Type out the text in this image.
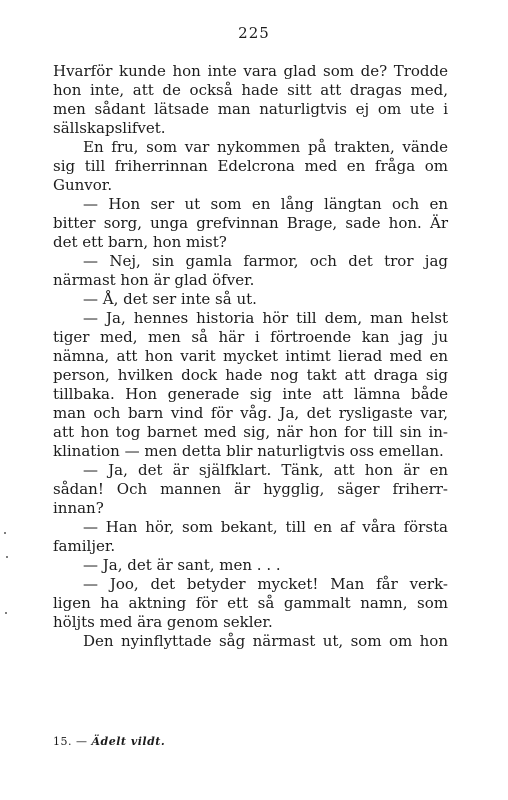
225
Hvarför kunde hon inte vara glad som de? Trodde
hon inte, att de också hade sitt att dragas med,
men sådant lätsade man naturligtvis ej om ute i
sällskapslifvet.
En fru, som var nykommen på trakten, vände
sig till friherrinnan Edelcrona med en fråga om
Gunvor.
— Hon ser ut som en lång längtan och en
bitter sorg, unga grefvinnan Brage, sade hon. Är
det ett barn, hon mist?
— Nej, sin gamla farmor, och det tror jag
närmast hon är glad öfver.
— Å, det ser inte så ut.
— Ja, hennes historia hör till dem, man helst
tiger med, men så här i förtroende kan jag ju
nämna, att hon varit mycket intimt lierad med en
person, hvilken dock hade nog takt att draga sig
tillbaka. Hon generade sig inte att lämna både
man och barn vind för våg. Ja, det rysligaste var,
att hon tog barnet med sig, när hon for till sin in-
klination — men detta blir naturligtvis oss emellan.
— Ja, det är själfklart. Tänk, att hon är en
sådan! Och mannen är hygglig, säger friherr-
innan?
— Han hör, som bekant, till en af våra första
familjer.
— Ja, det är sant, men . . .
— Joo, det betyder mycket! Man får verk-
ligen ha aktning för ett så gammalt namn, som
höljts med ära genom sekler.
Den nyinflyttade såg närmast ut, som om hon
15. — Ädelt vildt.
